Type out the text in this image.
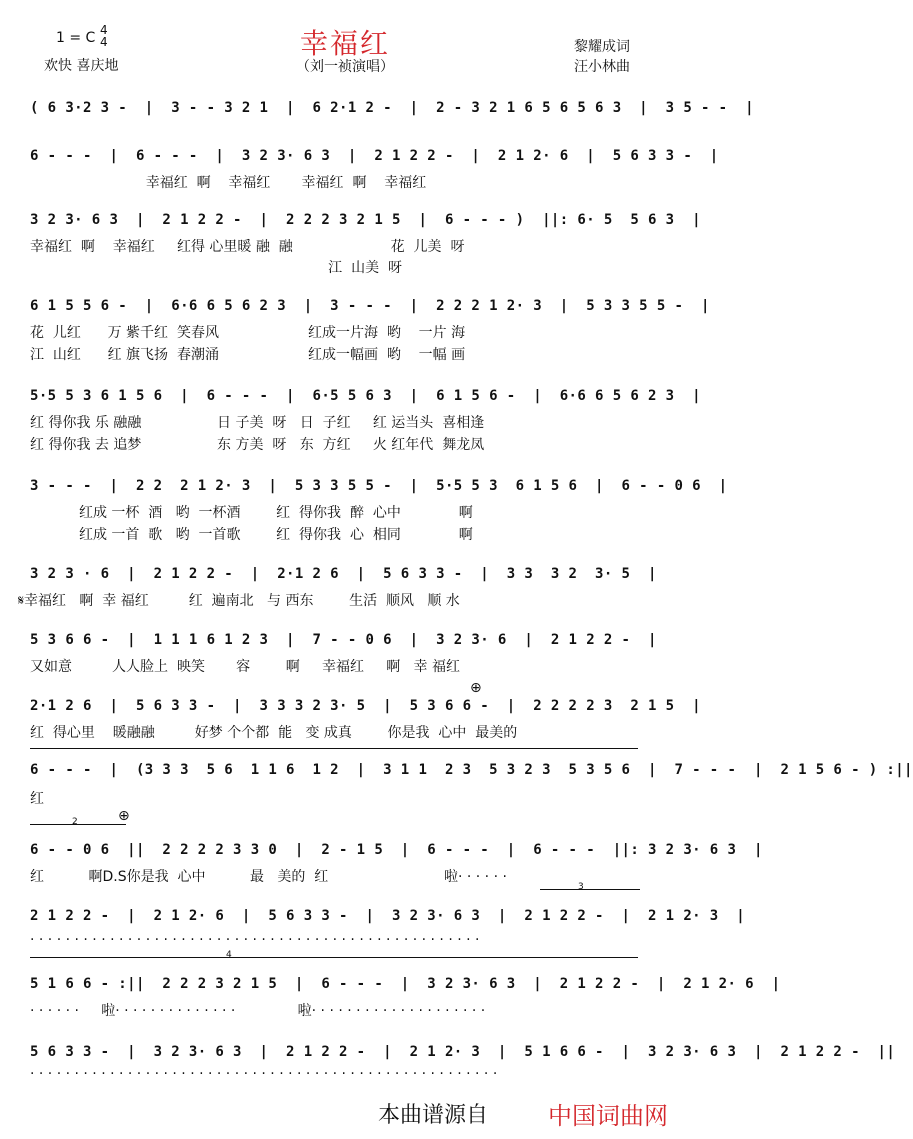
1 = C 4
4
欢快 喜庆地
幸福红
（刘一祯演唱）
黎耀成词
汪小林曲
( 6 3·2 3 -  |  3 - - 3 2 1  |  6 2·1 2 -  |  2 - 3 2 1 6 5 6 5 6 3  |  3 5 - -  |
6 - - -  |  6 - - -  |  3 2 3· 6 3  |  2 1 2 2 -  |  2 1 2· 6  |  5 6 3 3 -  |
幸福红  啊    幸福红       幸福红  啊    幸福红
3 2 3· 6 3  |  2 1 2 2 -  |  2 2 2 3 2 1 5  |  6 - - - )  ||: 6· 5  5 6 3  |
幸福红  啊    幸福红     红得 心里暖 融  融                      花  儿美  呀
江  山美  呀
6 1 5 5 6 -  |  6·6 6 5 6 2 3  |  3 - - -  |  2 2 2 1 2· 3  |  5 3 3 5 5 -  |
花  儿红      万 紫千红  笑春风                    红成一片海  哟    一片 海
江  山红      红 旗飞扬  春潮涌                    红成一幅画  哟    一幅 画
5·5 5 3 6 1 5 6  |  6 - - -  |  6·5 5 6 3  |  6 1 5 6 -  |  6·6 6 5 6 2 3  |
红 得你我 乐 融融                 日 子美  呀   日  子红     红 运当头  喜相逢
红 得你我 去 追梦                 东 方美  呀   东  方红     火 红年代  舞龙凤
3 - - -  |  2 2  2 1 2· 3  |  5 3 3 5 5 -  |  5·5 5 3  6 1 5 6  |  6 - - 0 6  |
红成 一杯  酒   哟  一杯酒        红  得你我  醉  心中             啊
红成 一首  歌   哟  一首歌        红  得你我  心  相同             啊
3 2 3 · 6  |  2 1 2 2 -  |  2·1 2 6  |  5 6 3 3 -  |  3 3  3 2  3· 5  |
𝄋幸福红   啊  幸 福红         红  遍南北   与 西东        生活  顺风   顺 水
5 3 6 6 -  |  1 1 1 6 1 2 3  |  7 - - 0 6  |  3 2 3· 6  |  2 1 2 2 -  |
又如意         人人脸上  映笑       容        啊     幸福红     啊   幸 福红
⊕
2·1 2 6  |  5 6 3 3 -  |  3 3 3 2 3· 5  |  5 3 6 6 -  |  2 2 2 2 3  2 1 5  |
红  得心里    暖融融         好梦 个个都  能   变 成真        你是我  心中  最美的
6 - - -  |  (3 3 3  5 6  1 1 6  1 2  |  3 1 1  2 3  5 3 2 3  5 3 5 6  |  7 - - -  |  2 1 5 6 - ) :||
红
2	⊕
6 - - 0 6  ||  2 2 2 2 3 3 0  |  2 - 1 5  |  6 - - -  |  6 - - -  ||: 3 2 3· 6 3  |
红          啊D.S你是我  心中          最   美的  红                          啦· · · · · ·
3
2 1 2 2 -  |  2 1 2· 6  |  5 6 3 3 -  |  3 2 3· 6 3  |  2 1 2 2 -  |  2 1 2· 3  |
· · · · · · · · · · · · · · · · · · · · · · · · · · · · · · · · · · · · · · · · · · · · · · · · · · ·
4
5 1 6 6 - :||  2 2 2 3 2 1 5  |  6 - - -  |  3 2 3· 6 3  |  2 1 2 2 -  |  2 1 2· 6  |
· · · · · ·     啦· · · · · · · · · · · · · ·              啦· · · · · · · · · · · · · · · · · · · ·
5 6 3 3 -  |  3 2 3· 6 3  |  2 1 2 2 -  |  2 1 2· 3  |  5 1 6 6 -  |  3 2 3· 6 3  |  2 1 2 2 -  ||
· · · · · · · · · · · · · · · · · · · · · · · · · · · · · · · · · · · · · · · · · · · · · · · · · · · · ·
本曲谱源自 中国词曲网
